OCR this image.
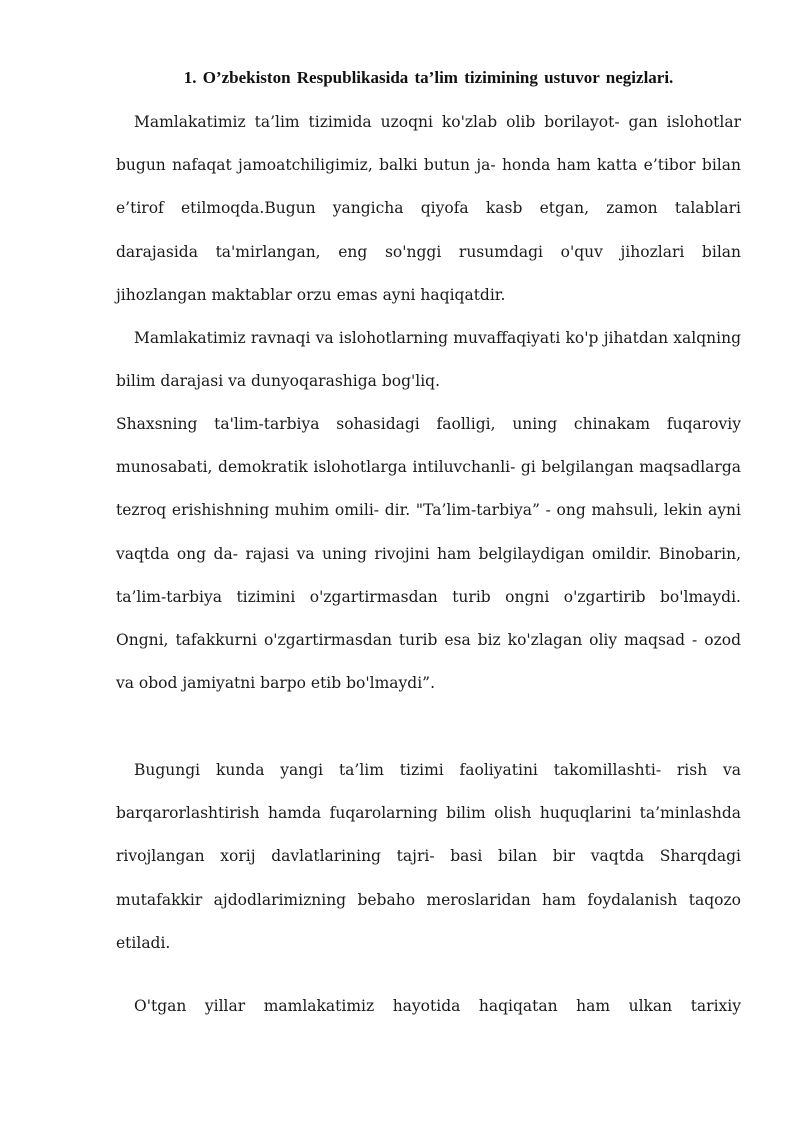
1. O’zbekiston Respublikasida ta’lim tizimining ustuvor negizlari.

Mamlakatimiz ta’lim tizimida uzoqni ko'zlab olib borilayot- gan islohotlar bugun nafaqat jamoatchiligimiz, balki butun ja- honda ham katta e’tibor bilan e’tirof etilmoqda.Bugun yangicha qiyofa kasb etgan, zamon talablari darajasida ta'mirlangan, eng so'nggi rusumdagi o'quv jihozlari bilan jihozlangan maktablar orzu emas ayni haqiqatdir.

Mamlakatimiz ravnaqi va islohotlarning muvaffaqiyati ko'p jihatdan xalqning bilim darajasi va dunyoqarashiga bog'liq.

Shaxsning ta'lim-tarbiya sohasidagi faolligi, uning chinakam fuqaroviy munosabati, demokratik islohotlarga intiluvchanli- gi belgilangan maqsadlarga tezroq erishishning muhim omili- dir. "Ta’lim-tarbiya” - ong mahsuli, lekin ayni vaqtda ong da- rajasi va uning rivojini ham belgilaydigan omildir. Binobarin, ta’lim-tarbiya tizimini o'zgartirmasdan turib ongni o'zgartirib bo'lmaydi. Ongni, tafakkurni o'zgartirmasdan turib esa biz ko'zlagan oliy maqsad - ozod va obod jamiyatni barpo etib bo'lmaydi”.

Bugungi kunda yangi ta’lim tizimi faoliyatini takomillashti- rish va barqarorlashtirish hamda fuqarolarning bilim olish huquqlarini ta’minlashda rivojlangan xorij davlatlarining tajri- basi bilan bir vaqtda Sharqdagi mutafakkir ajdodlarimizning bebaho meroslaridan ham foydalanish taqozo etiladi.

O'tgan yillar mamlakatimiz hayotida haqiqatan ham ulkan tarixiy
